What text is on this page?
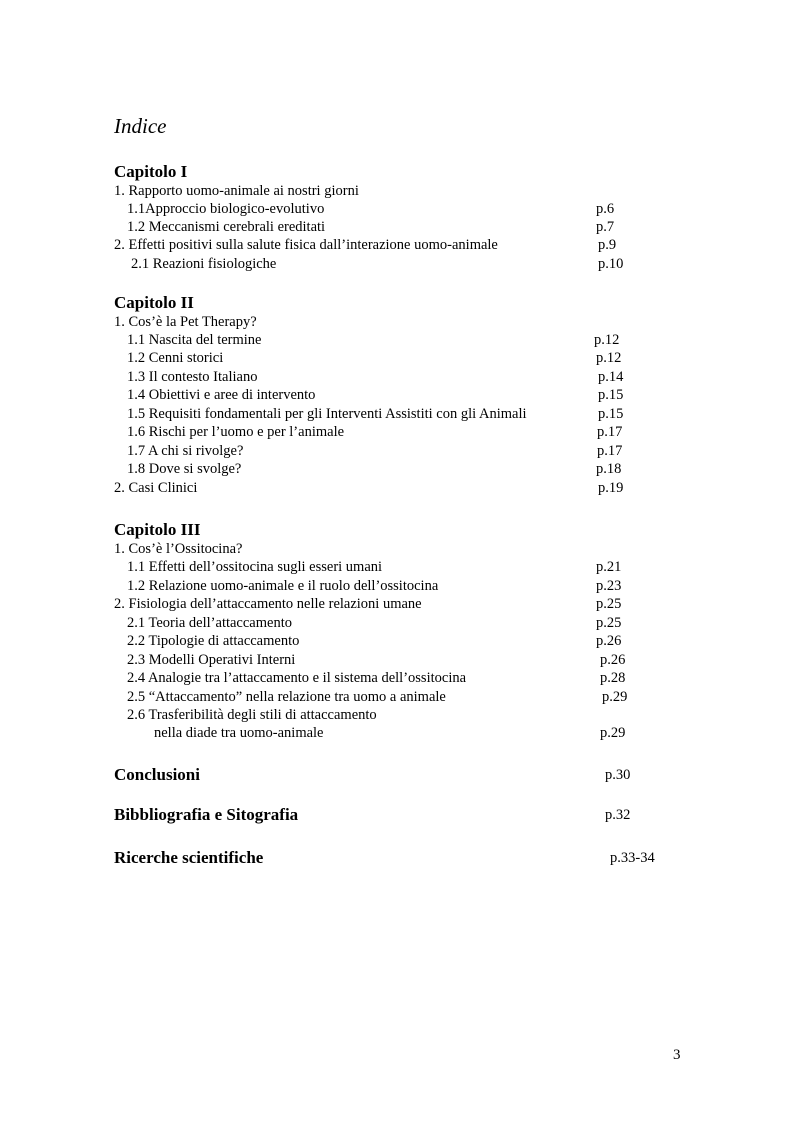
Indice
Capitolo I
1. Rapporto uomo-animale ai nostri giorni
1.1Approccio biologico-evolutivo	p.6
1.2 Meccanismi cerebrali ereditati	p.7
2. Effetti positivi sulla salute fisica dall’interazione uomo-animale	p.9
2.1 Reazioni fisiologiche	p.10
Capitolo II
1. Cos’è la Pet Therapy?
1.1 Nascita del termine	p.12
1.2 Cenni storici	p.12
1.3 Il contesto Italiano	p.14
1.4 Obiettivi e aree di intervento	p.15
1.5 Requisiti fondamentali per gli Interventi Assistiti con gli Animali	p.15
1.6 Rischi per l’uomo e per l’animale	p.17
1.7 A chi si rivolge?	p.17
1.8 Dove si svolge?	p.18
2. Casi Clinici	p.19
Capitolo III
1. Cos’è l’Ossitocina?
1.1 Effetti dell’ossitocina sugli esseri umani	p.21
1.2 Relazione uomo-animale e il ruolo dell’ossitocina	p.23
2. Fisiologia dell’attaccamento nelle relazioni umane	p.25
2.1 Teoria dell’attaccamento	p.25
2.2 Tipologie di attaccamento	p.26
2.3 Modelli Operativi Interni	p.26
2.4 Analogie tra l’attaccamento e il sistema dell’ossitocina	p.28
2.5 “Attaccamento” nella relazione tra uomo a animale	p.29
2.6 Trasferibilità degli stili di attaccamento
nella diade tra uomo-animale	p.29
Conclusioni	p.30
Bibbliografia e Sitografia	p.32
Ricerche scientifiche	p.33-34
3
